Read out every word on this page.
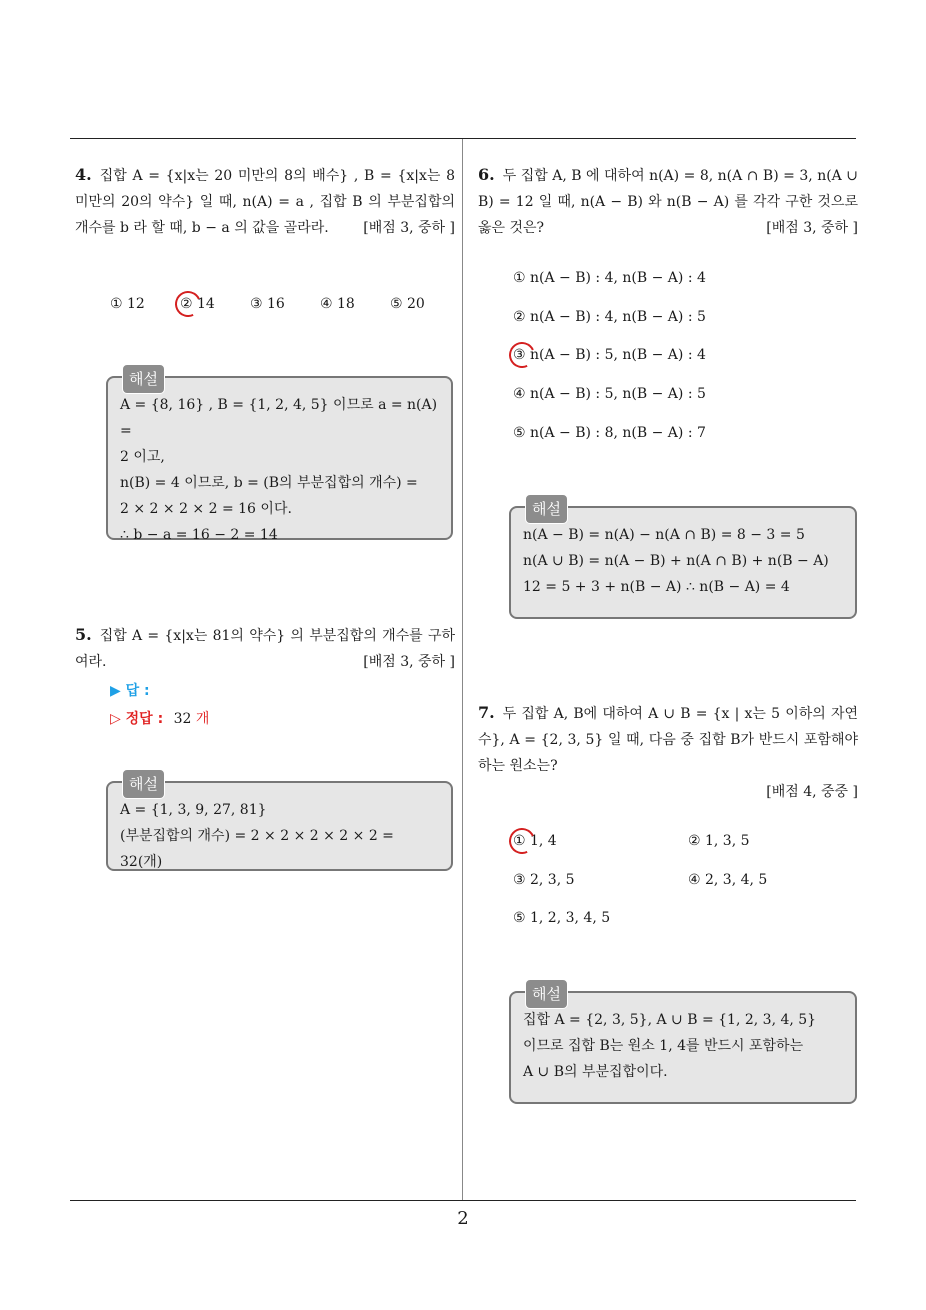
2
4. 집합 A = {x|x는 20 미만의 8의 배수} , B = {x|x는 8 미만의 20의 약수} 일 때, n(A) = a , 집합 B 의 부분집합의 개수를 b 라 할 때, b − a 의 값을 골라라.	[배점 3, 중하 ]
① 12	② 14	③ 16	④ 18	⑤ 20
해설
A = {8, 16} , B = {1, 2, 4, 5} 이므로 a = n(A) =
2 이고,
n(B) = 4 이므로, b = (B의 부분집합의 개수) =
2 × 2 × 2 × 2 = 16 이다.
∴ b − a = 16 − 2 = 14
5. 집합 A = {x|x는 81의 약수} 의 부분집합의 개수를 구하여라.	[배점 3, 중하 ]
▶ 답 :
▷ 정답 : 32 개
해설
A = {1, 3, 9, 27, 81}
(부분집합의 개수) = 2 × 2 × 2 × 2 × 2 = 32(개)
6. 두 집합 A, B 에 대하여 n(A) = 8, n(A ∩ B) = 3, n(A ∪ B) = 12 일 때, n(A − B) 와 n(B − A) 를 각각 구한 것으로 옳은 것은?	[배점 3, 중하 ]
① n(A − B) : 4, n(B − A) : 4
② n(A − B) : 4, n(B − A) : 5
③ n(A − B) : 5, n(B − A) : 4
④ n(A − B) : 5, n(B − A) : 5
⑤ n(A − B) : 8, n(B − A) : 7
해설
n(A − B) = n(A) − n(A ∩ B) = 8 − 3 = 5
n(A ∪ B) = n(A − B) + n(A ∩ B) + n(B − A)
12 = 5 + 3 + n(B − A) ∴ n(B − A) = 4
7. 두 집합 A, B에 대하여 A ∪ B = {x | x는 5 이하의 자연수}, A = {2, 3, 5} 일 때, 다음 중 집합 B가 반드시 포함해야 하는 원소는?
[배점 4, 중중 ]
① 1, 4	② 1, 3, 5
③ 2, 3, 5	④ 2, 3, 4, 5
⑤ 1, 2, 3, 4, 5
해설
집합 A = {2, 3, 5}, A ∪ B = {1, 2, 3, 4, 5}
이므로 집합 B는 원소 1, 4를 반드시 포함하는
A ∪ B의 부분집합이다.
